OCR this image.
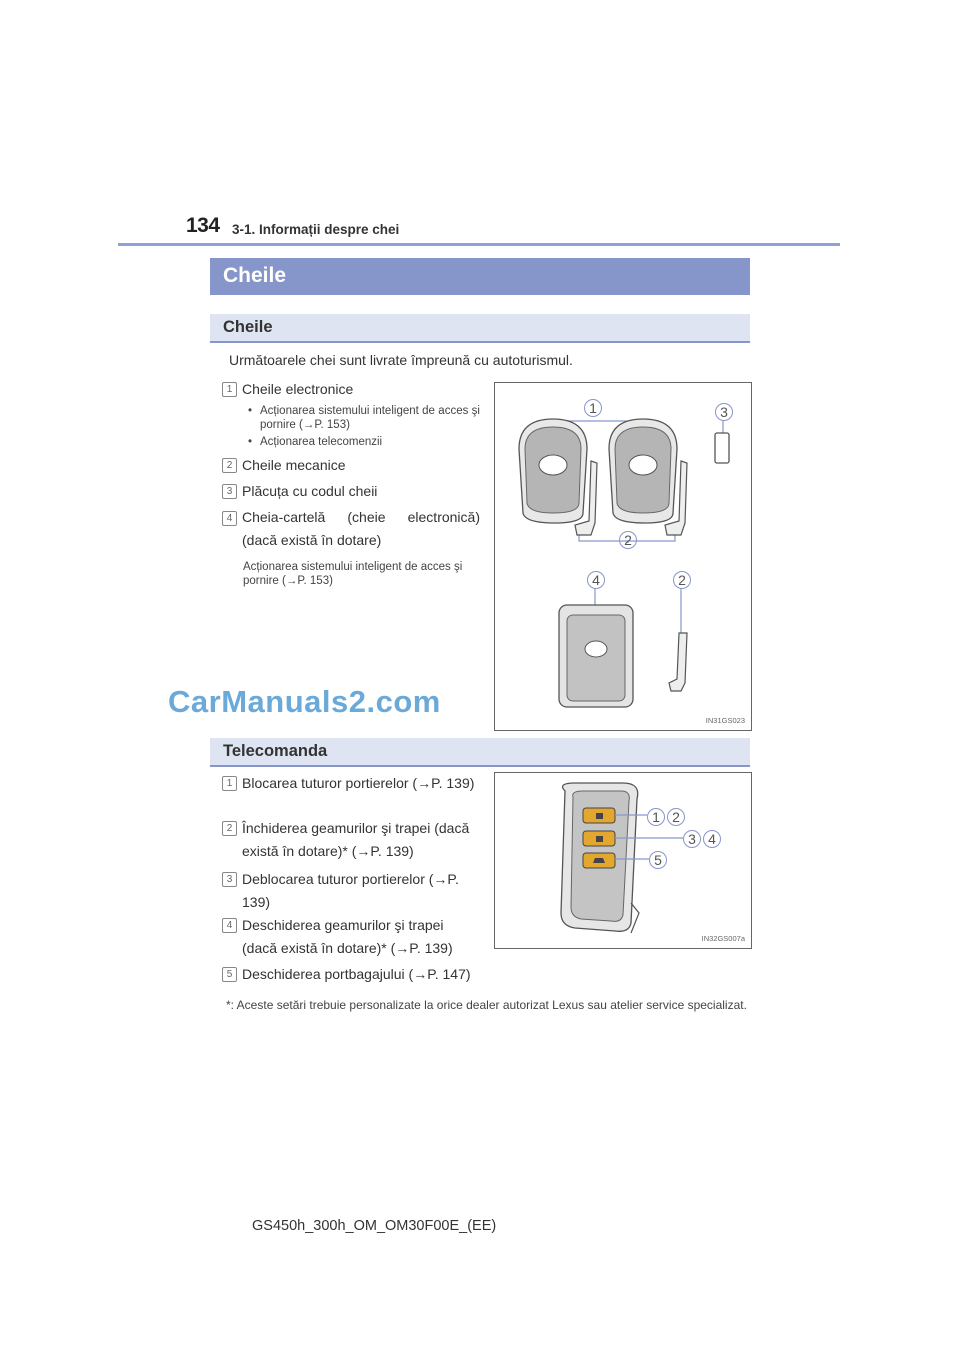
134 3-1. Informații despre chei
Cheile
Cheile
Următoarele chei sunt livrate împreună cu autoturismul.
1 Cheile electronice
• Acționarea sistemului inteligent de acces şi pornire (→P. 153)
• Acționarea telecomenzii
2 Cheile mecanice
3 Plăcuța cu codul cheii
4 Cheia-cartelă (cheie electronică) (dacă există în dotare)
Acționarea sistemului inteligent de acces şi pornire (→P. 153)
1	3
2
4	2
IN31GS023
CarManuals2.com
Telecomanda
1 Blocarea tuturor portierelor (→P. 139)
2 Închiderea geamurilor şi trapei (dacă există în dotare)* (→P. 139)
3 Deblocarea tuturor portierelor (→P. 139)
4 Deschiderea geamurilor şi trapei (dacă există în dotare)* (→P. 139)
5 Deschiderea portbagajului (→P. 147)
1 2
3 4
5
IN32GS007a
*: Aceste setări trebuie personalizate la orice dealer autorizat Lexus sau atelier service specializat.
GS450h_300h_OM_OM30F00E_(EE)
